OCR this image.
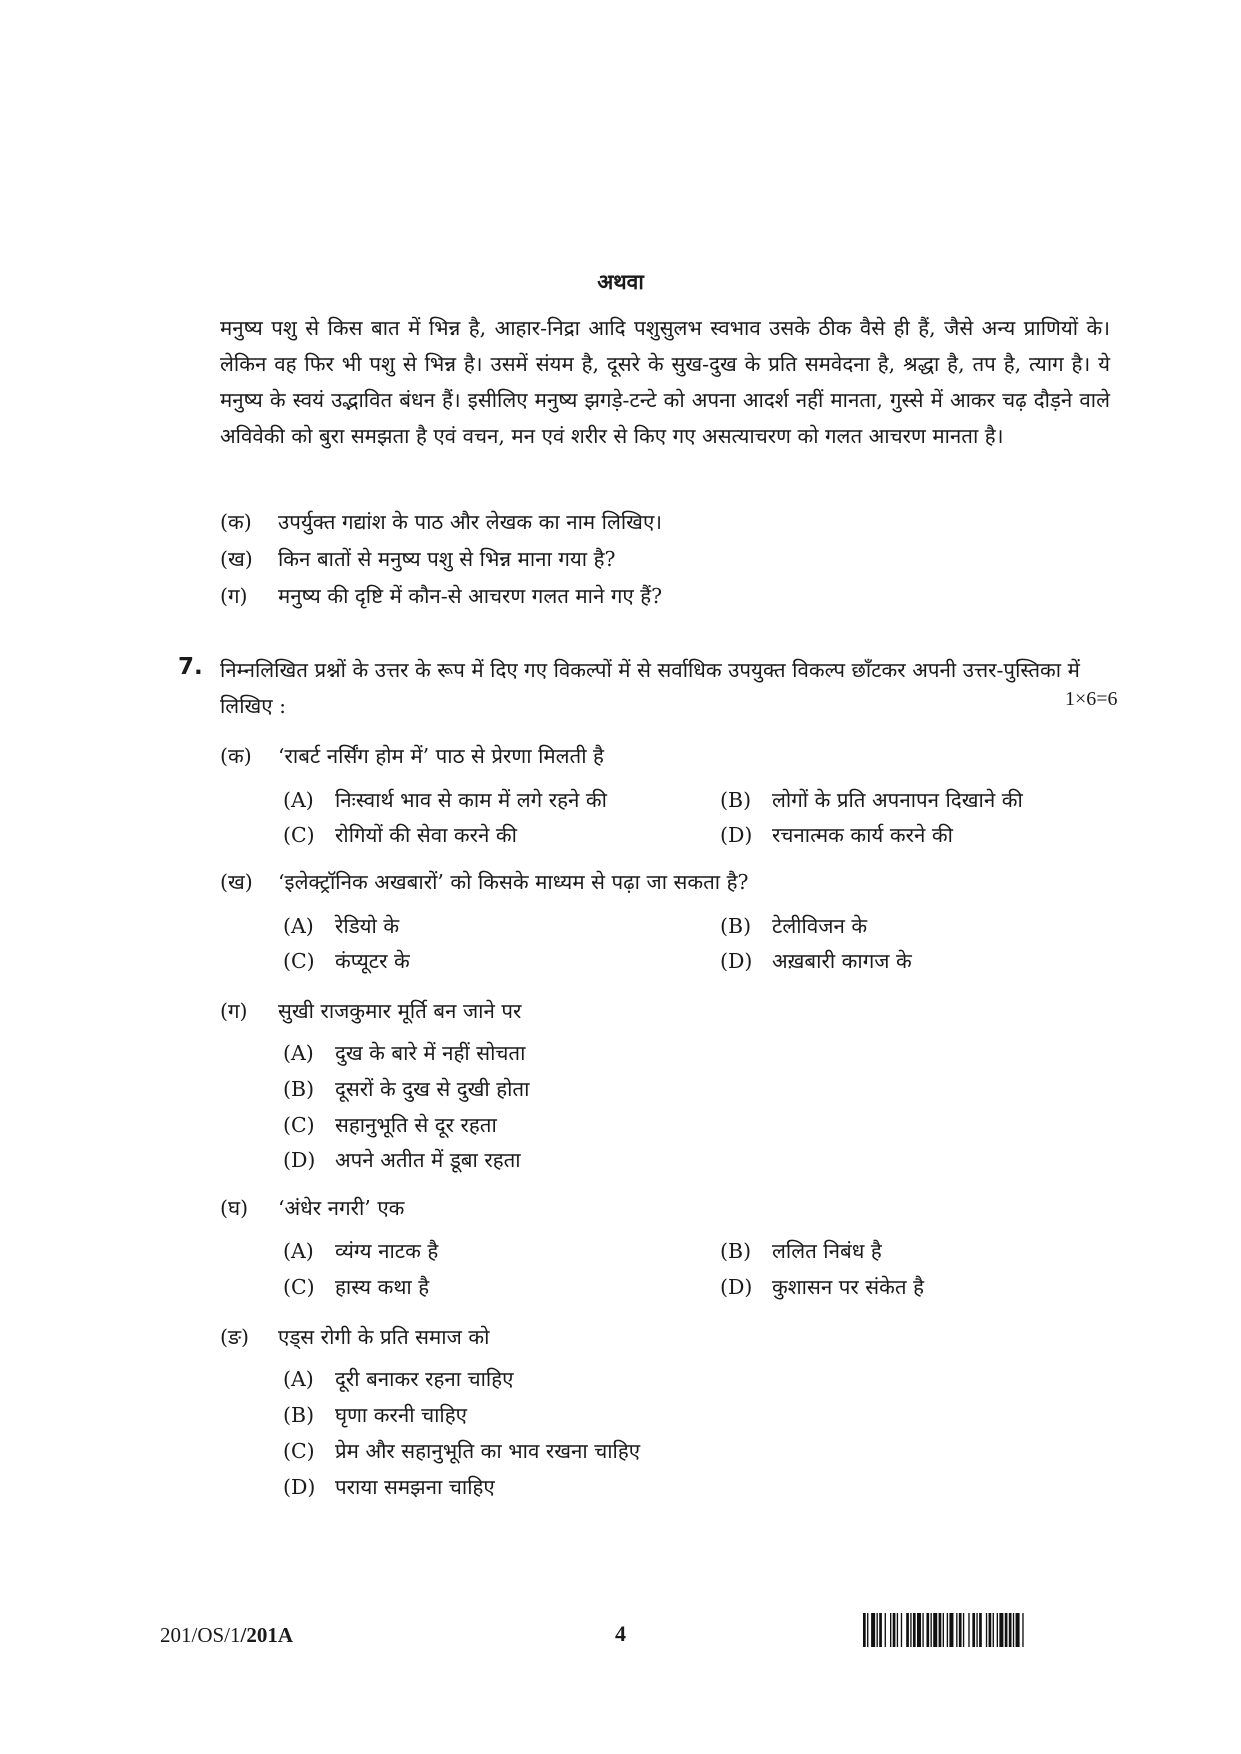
अथवा
मनुष्य पशु से किस बात में भिन्न है, आहार-निद्रा आदि पशुसुलभ स्वभाव उसके ठीक वैसे ही हैं, जैसे अन्य प्राणियों के। लेकिन वह फिर भी पशु से भिन्न है। उसमें संयम है, दूसरे के सुख-दुख के प्रति समवेदना है, श्रद्धा है, तप है, त्याग है। ये मनुष्य के स्वयं उद्भावित बंधन हैं। इसीलिए मनुष्य झगड़े-टन्टे को अपना आदर्श नहीं मानता, गुस्से में आकर चढ़ दौड़ने वाले अविवेकी को बुरा समझता है एवं वचन, मन एवं शरीर से किए गए असत्याचरण को गलत आचरण मानता है।
(क) उपर्युक्त गद्यांश के पाठ और लेखक का नाम लिखिए।
(ख) किन बातों से मनुष्य पशु से भिन्न माना गया है?
(ग) मनुष्य की दृष्टि में कौन-से आचरण गलत माने गए हैं?
7. निम्नलिखित प्रश्नों के उत्तर के रूप में दिए गए विकल्पों में से सर्वाधिक उपयुक्त विकल्प छाँटकर अपनी उत्तर-पुस्तिका में लिखिए :	1×6=6
(क) ‘राबर्ट नर्सिंग होम में’ पाठ से प्रेरणा मिलती है
(A) निःस्वार्थ भाव से काम में लगे रहने की	(B) लोगों के प्रति अपनापन दिखाने की
(C) रोगियों की सेवा करने की	(D) रचनात्मक कार्य करने की
(ख) ‘इलेक्ट्रॉनिक अखबारों’ को किसके माध्यम से पढ़ा जा सकता है?
(A) रेडियो के	(B) टेलीविजन के
(C) कंप्यूटर के	(D) अख़बारी कागज के
(ग) सुखी राजकुमार मूर्ति बन जाने पर
(A) दुख के बारे में नहीं सोचता
(B) दूसरों के दुख से दुखी होता
(C) सहानुभूति से दूर रहता
(D) अपने अतीत में डूबा रहता
(घ) ‘अंधेर नगरी’ एक
(A) व्यंग्य नाटक है	(B) ललित निबंध है
(C) हास्य कथा है	(D) कुशासन पर संकेत है
(ङ) एड्स रोगी के प्रति समाज को
(A) दूरी बनाकर रहना चाहिए
(B) घृणा करनी चाहिए
(C) प्रेम और सहानुभूति का भाव रखना चाहिए
(D) पराया समझना चाहिए
201/OS/1/201A	4
